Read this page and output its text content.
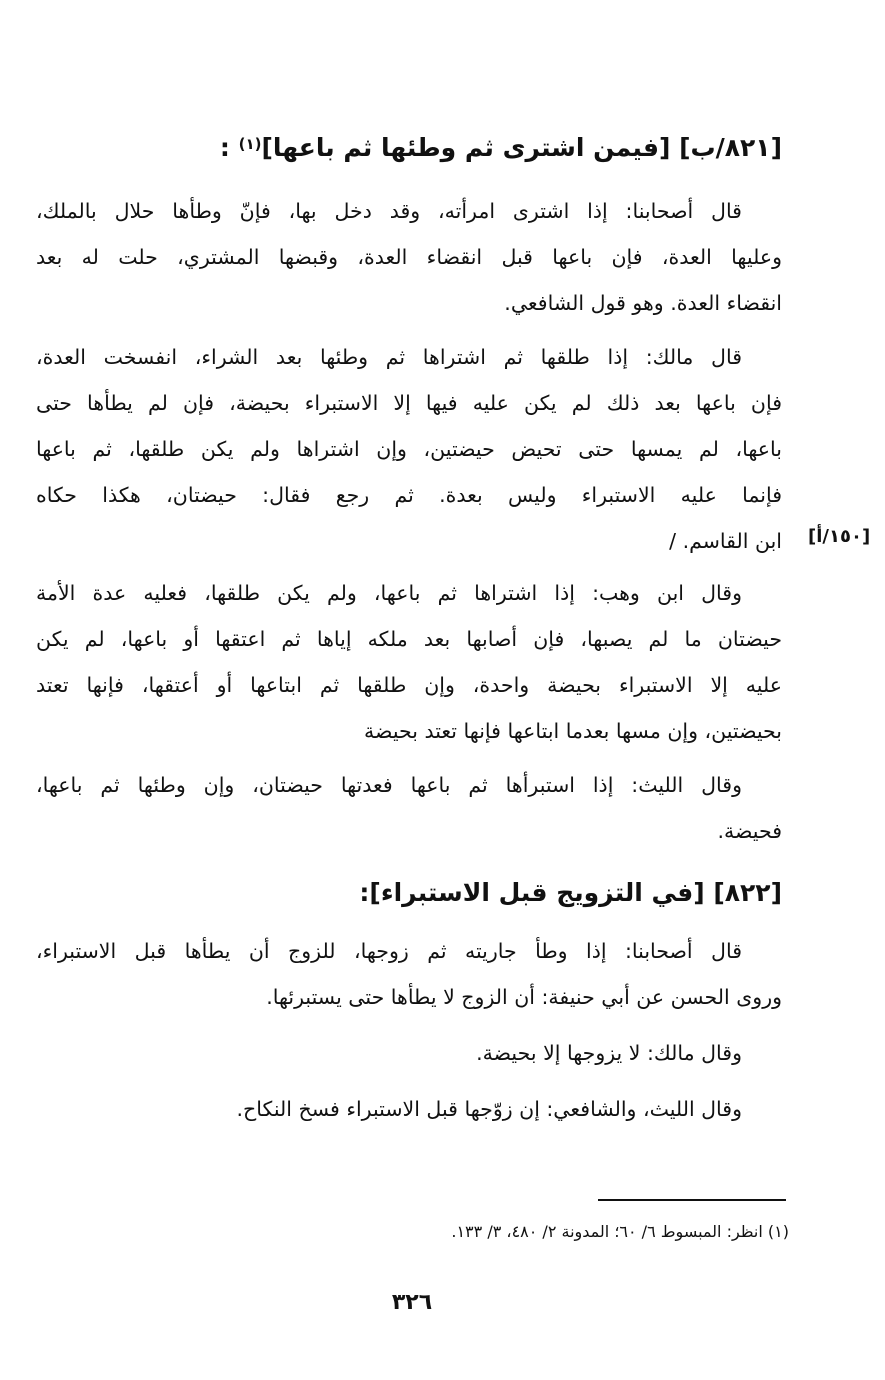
[٨٢١/ب] [فيمن اشترى ثم وطئها ثم باعها]$^{(١)}$ :
قال أصحابنا: إذا اشترى امرأته، وقد دخل بها، فإنّ وطأها حلال بالملك،
وعليها العدة، فإن باعها قبل انقضاء العدة، وقبضها المشتري، حلت له بعد
انقضاء العدة. وهو قول الشافعي.
قال مالك: إذا طلقها ثم اشتراها ثم وطئها بعد الشراء، انفسخت العدة،
فإن باعها بعد ذلك لم يكن عليه فيها إلا الاستبراء بحيضة، فإن لم يطأها حتى
باعها، لم يمسها حتى تحيض حيضتين، وإن اشتراها ولم يكن طلقها، ثم باعها
فإنما عليه الاستبراء وليس بعدة. ثم رجع فقال: حيضتان، هكذا حكاه
ابن القاسم. / [١٥٠/أ]
وقال ابن وهب: إذا اشتراها ثم باعها، ولم يكن طلقها، فعليه عدة الأمة
حيضتان ما لم يصبها، فإن أصابها بعد ملكه إياها ثم اعتقها أو باعها، لم يكن
عليه إلا الاستبراء بحيضة واحدة، وإن طلقها ثم ابتاعها أو أعتقها، فإنها تعتد
بحيضتين، وإن مسها بعدما ابتاعها فإنها تعتد بحيضة
وقال الليث: إذا استبرأها ثم باعها فعدتها حيضتان، وإن وطئها ثم باعها،
فحيضة.
[٨٢٢] [في التزويج قبل الاستبراء]:
قال أصحابنا: إذا وطأ جاريته ثم زوجها، للزوج أن يطأها قبل الاستبراء،
وروى الحسن عن أبي حنيفة: أن الزوج لا يطأها حتى يستبرئها.
وقال مالك: لا يزوجها إلا بحيضة.
وقال الليث، والشافعي: إن زوّجها قبل الاستبراء فسخ النكاح.
(١) انظر: المبسوط ٦/ ٦٠؛ المدونة ٢/ ٤٨٠، ٣/ ١٣٣.
٣٢٦
